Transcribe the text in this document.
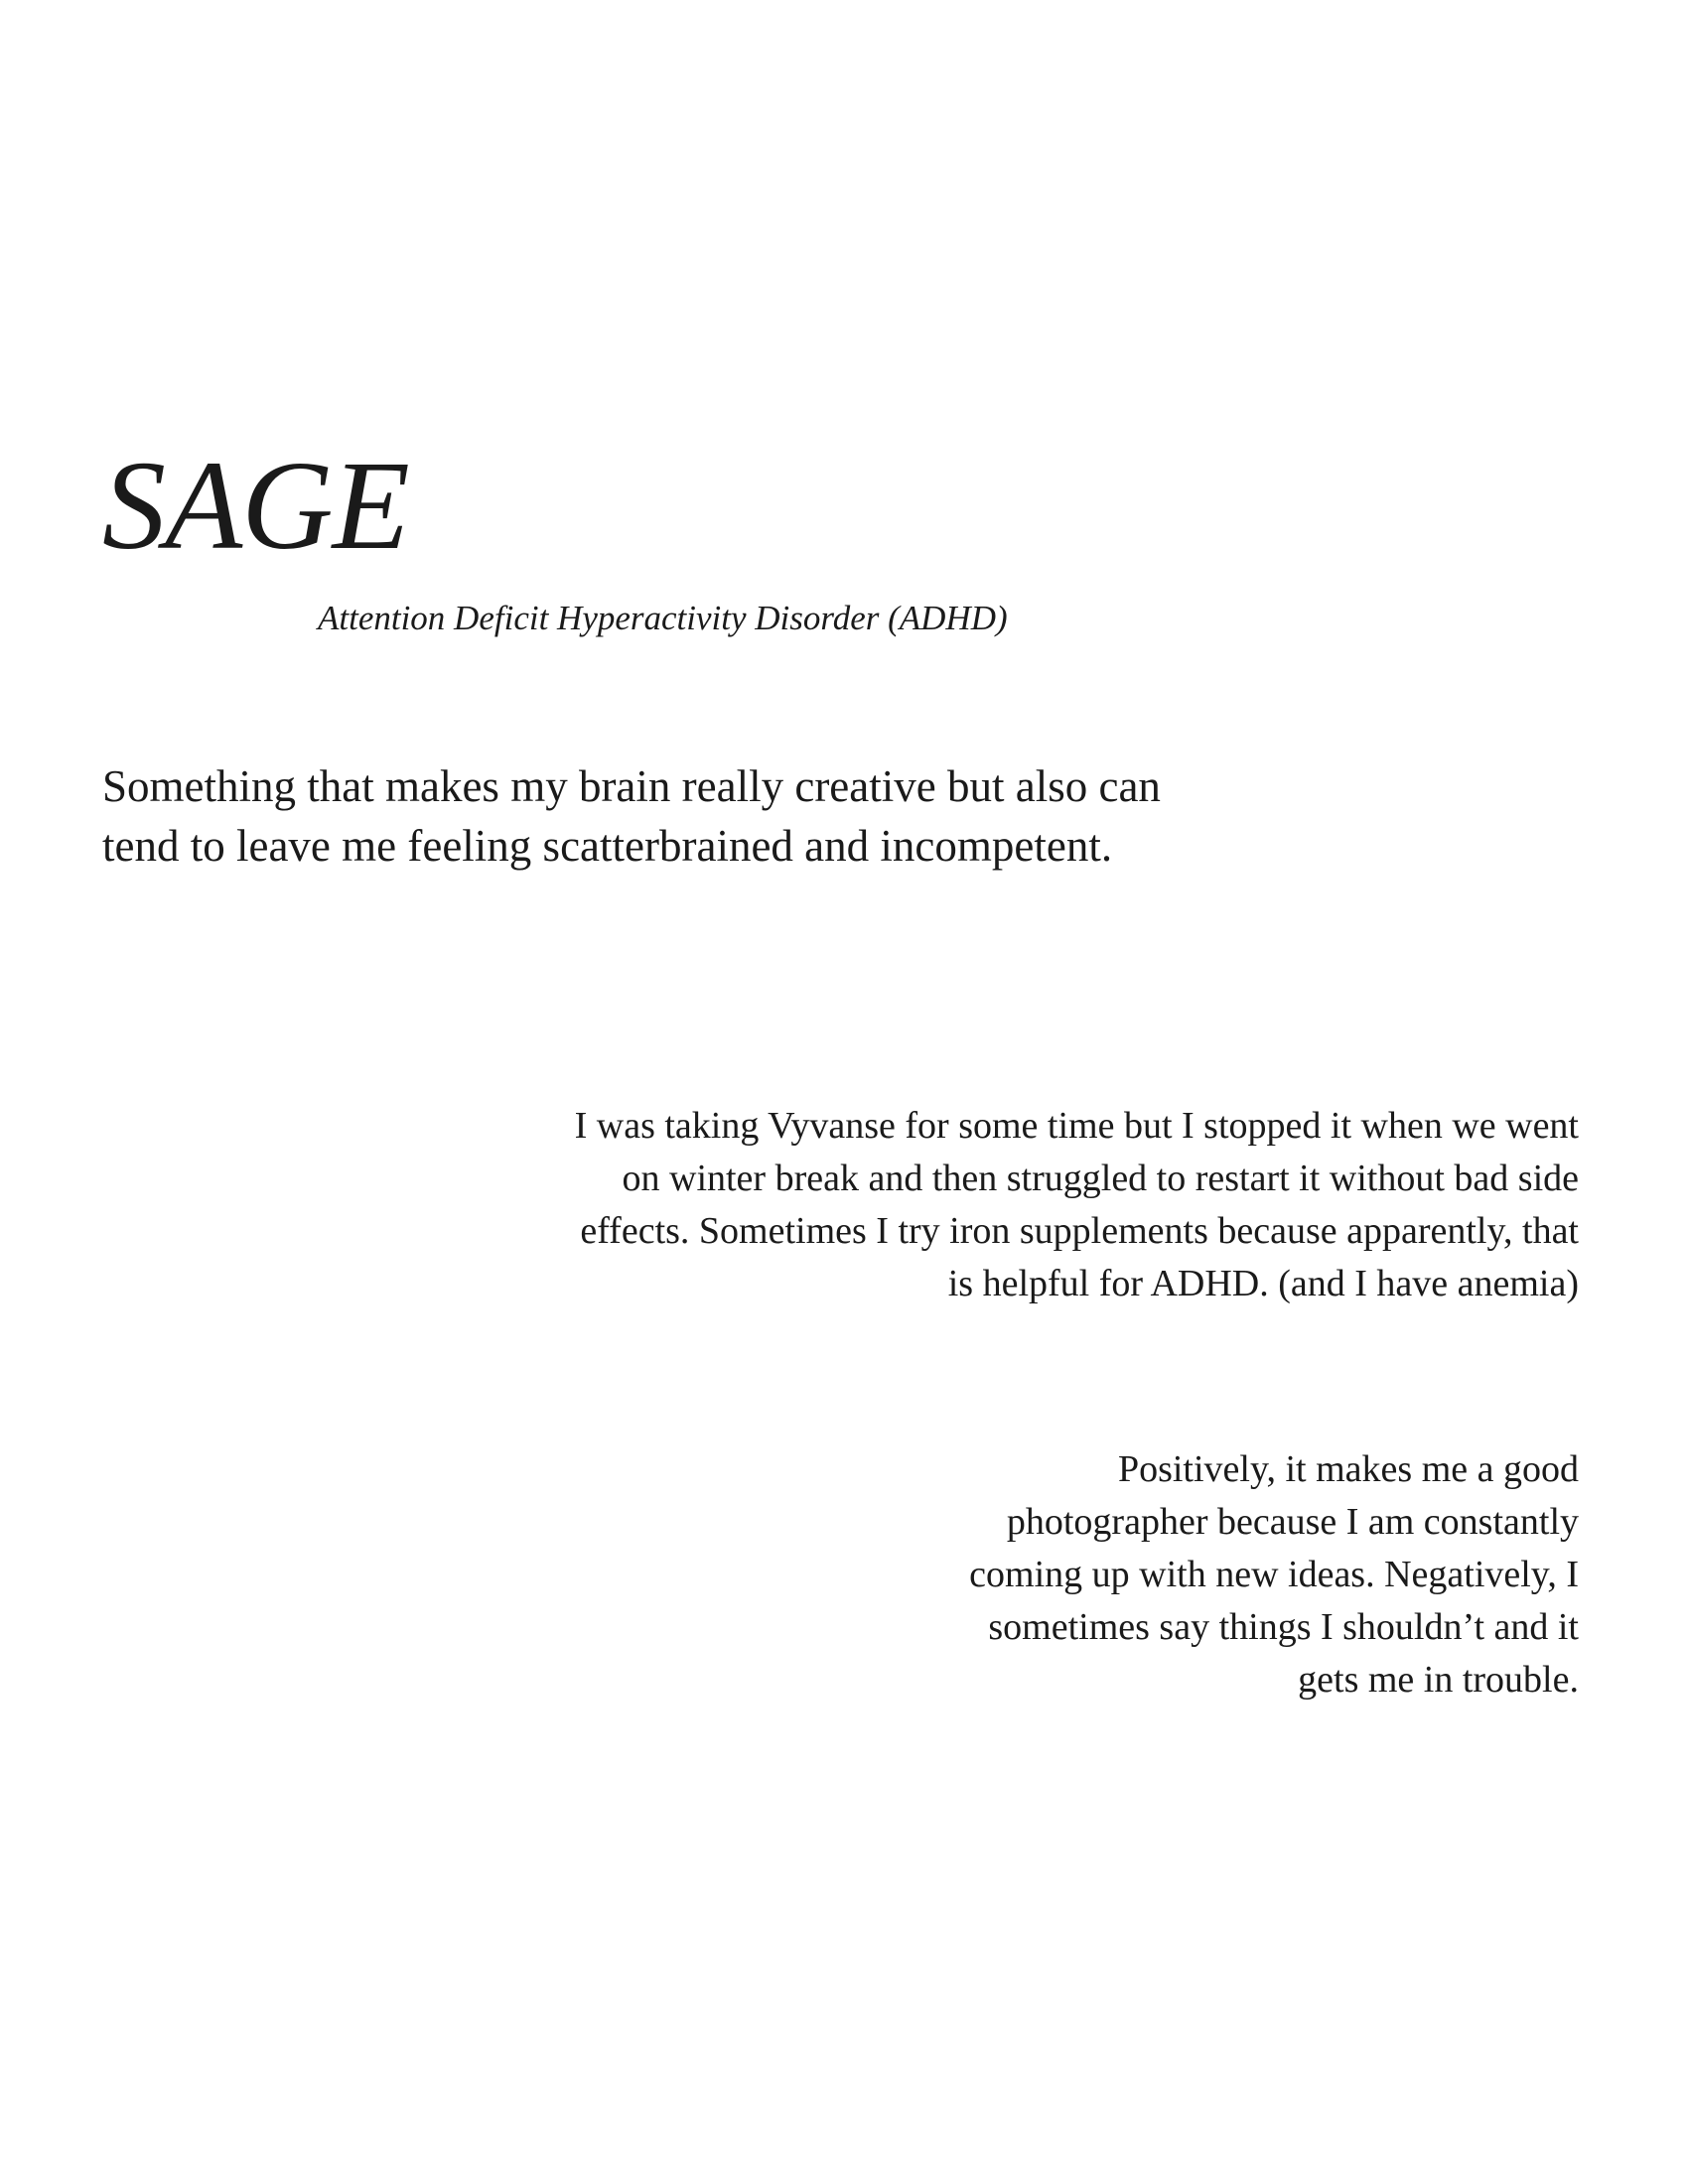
SAGE
Attention Deficit Hyperactivity Disorder (ADHD)

Something that makes my brain really creative but also can
tend to leave me feeling scatterbrained and incompetent.

I was taking Vyvanse for some time but I stopped it when we went
on winter break and then struggled to restart it without bad side
effects. Sometimes I try iron supplements because apparently, that
is helpful for ADHD. (and I have anemia)

Positively, it makes me a good
photographer because I am constantly
coming up with new ideas. Negatively, I
sometimes say things I shouldn’t and it
gets me in trouble.
